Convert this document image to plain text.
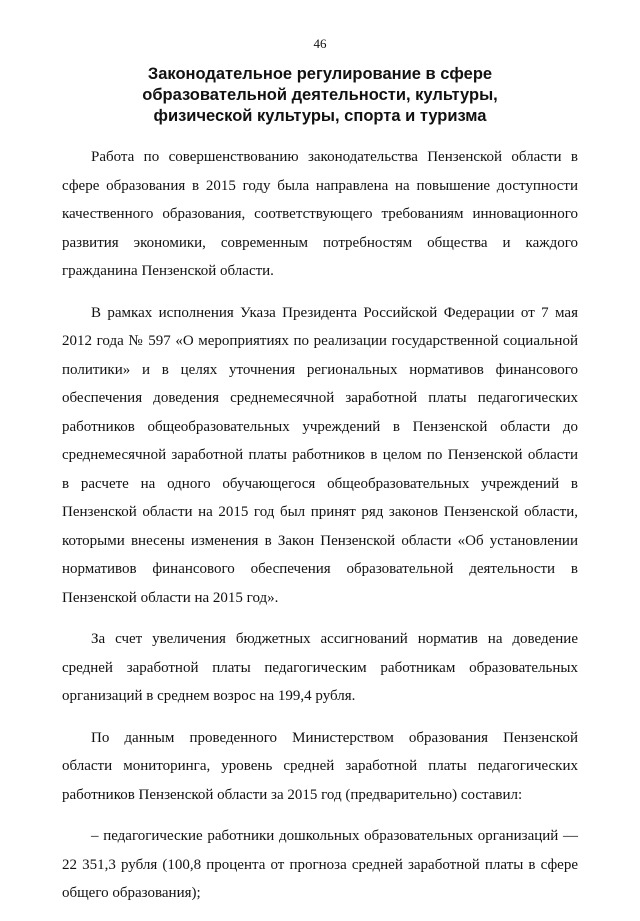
46
Законодательное регулирование в сфере
образовательной деятельности, культуры,
физической культуры, спорта и туризма

Работа по совершенствованию законодательства Пензенской области в
сфере образования в 2015 году была направлена на повышение доступности
качественного образования, соответствующего требованиям инновационного
развития экономики, современным потребностям общества и каждого
гражданина Пензенской области.

В рамках исполнения Указа Президента Российской Федерации от 7 мая
2012 года № 597 «О мероприятиях по реализации государственной социальной
политики» и в целях уточнения региональных нормативов финансового
обеспечения доведения среднемесячной заработной платы педагогических
работников общеобразовательных учреждений в Пензенской области до
среднемесячной заработной платы работников в целом по Пензенской области
в расчете на одного обучающегося общеобразовательных учреждений в
Пензенской области на 2015 год был принят ряд законов Пензенской области,
которыми внесены изменения в Закон Пензенской области «Об установлении
нормативов финансового обеспечения образовательной деятельности в
Пензенской области на 2015 год».

За счет увеличения бюджетных ассигнований норматив на доведение
средней заработной платы педагогическим работникам образовательных
организаций в среднем возрос на 199,4 рубля.

По данным проведенного Министерством образования Пензенской
области мониторинга, уровень средней заработной платы педагогических
работников Пензенской области за 2015 год (предварительно) составил:

– педагогические работники дошкольных образовательных организаций —
22 351,3 рубля (100,8 процента от прогноза средней заработной платы в сфере
общего образования);
